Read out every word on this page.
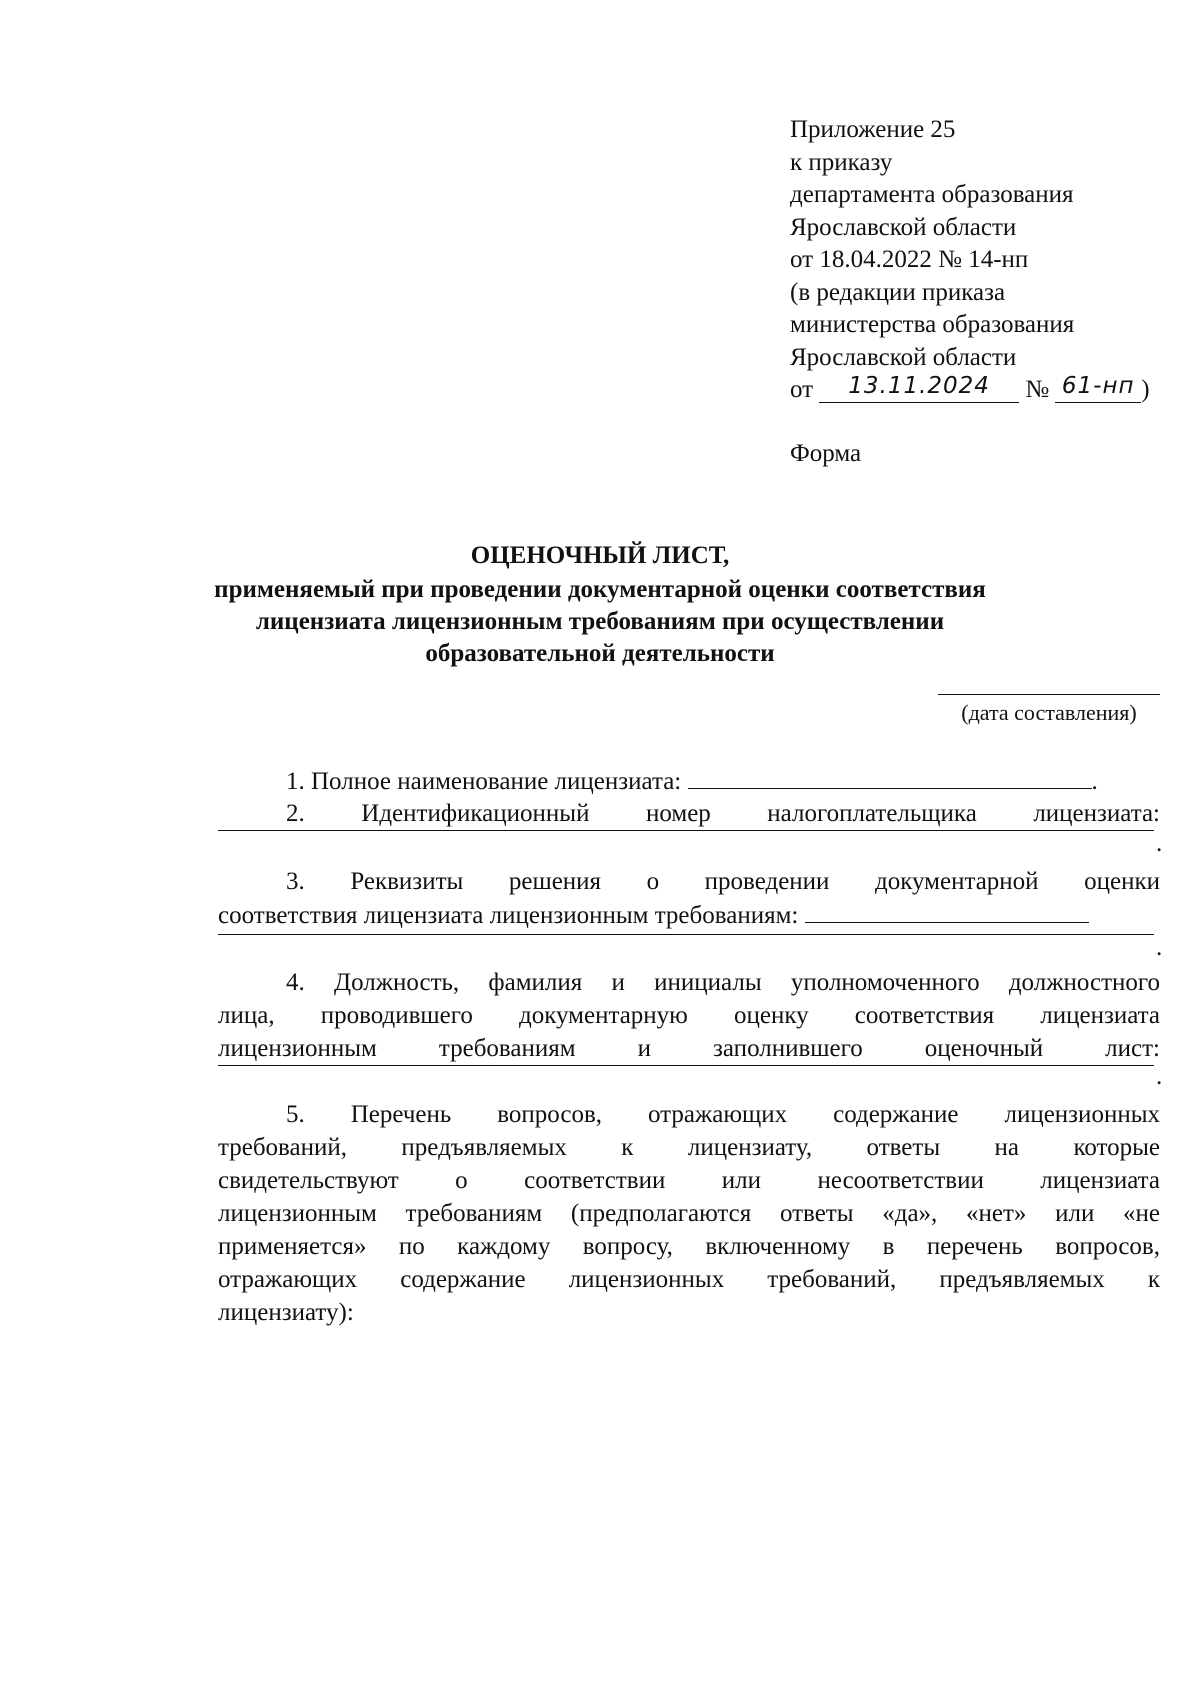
Приложение 25
к приказу
департамента образования
Ярославской области
от 18.04.2022 № 14-нп
(в редакции приказа
министерства образования
Ярославской области
от 13.11.2024 № 61-нп )
Форма
ОЦЕНОЧНЫЙ ЛИСТ,
применяемый при проведении документарной оценки соответствия
лицензиата лицензионным требованиям при осуществлении
образовательной деятельности
(дата составления)
1. Полное наименование лицензиата:	.
2. Идентификационный номер налогоплательщика лицензиата:
.
3. Реквизиты решения о проведении документарной оценки
соответствия лицензиата лицензионным требованиям:
.
4. Должность, фамилия и инициалы уполномоченного должностного
лица, проводившего документарную оценку соответствия лицензиата
лицензионным требованиям и заполнившего оценочный лист:
.
5. Перечень вопросов, отражающих содержание лицензионных
требований, предъявляемых к лицензиату, ответы на которые
свидетельствуют о соответствии или несоответствии лицензиата
лицензионным требованиям (предполагаются ответы «да», «нет» или «не
применяется» по каждому вопросу, включенному в перечень вопросов,
отражающих содержание лицензионных требований, предъявляемых к
лицензиату):
